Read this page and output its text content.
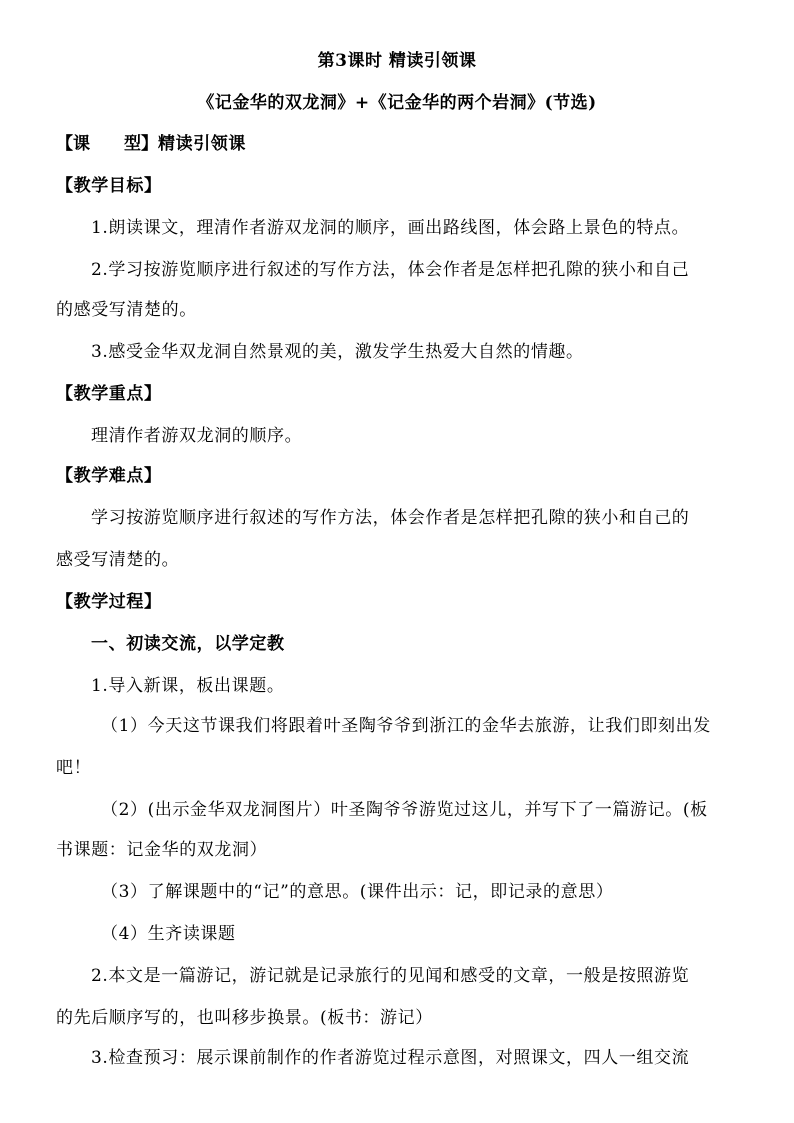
第3课时 精读引领课
《记金华的双龙洞》+《记金华的两个岩洞》(节选)
【课　　型】精读引领课
【教学目标】
1.朗读课文，理清作者游双龙洞的顺序，画出路线图，体会路上景色的特点。
2.学习按游览顺序进行叙述的写作方法，体会作者是怎样把孔隙的狭小和自己
的感受写清楚的。
3.感受金华双龙洞自然景观的美，激发学生热爱大自然的情趣。
【教学重点】
理清作者游双龙洞的顺序。
【教学难点】
学习按游览顺序进行叙述的写作方法，体会作者是怎样把孔隙的狭小和自己的
感受写清楚的。
【教学过程】
一、初读交流，以学定教
1.导入新课，板出课题。
（1）今天这节课我们将跟着叶圣陶爷爷到浙江的金华去旅游，让我们即刻出发
吧！
（2）(出示金华双龙洞图片）叶圣陶爷爷游览过这儿，并写下了一篇游记。(板
书课题：记金华的双龙洞）
（3）了解课题中的“记”的意思。(课件出示：记，即记录的意思）
（4）生齐读课题
2.本文是一篇游记，游记就是记录旅行的见闻和感受的文章，一般是按照游览
的先后顺序写的，也叫移步换景。(板书：游记）
3.检查预习：展示课前制作的作者游览过程示意图，对照课文，四人一组交流
